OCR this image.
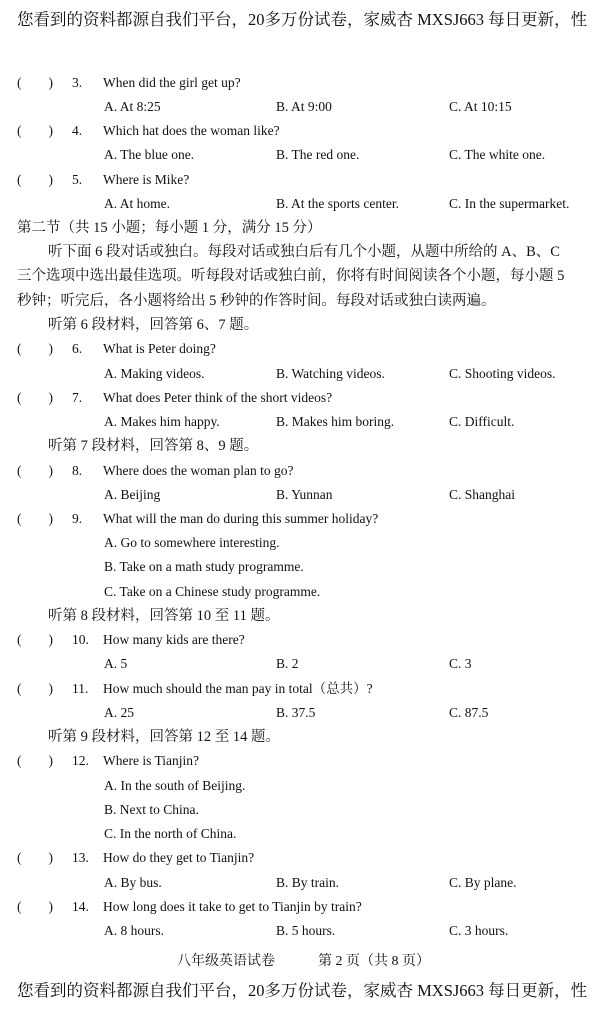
您看到的资料都源自我们平台，20多万份试卷，家威杏 MXSJ663 每日更新，性
(　　) 3. When did the girl get up?
A. At 8:25	B. At 9:00	C. At 10:15
(　　) 4. Which hat does the woman like?
A. The blue one.	B. The red one.	C. The white one.
(　　) 5. Where is Mike?
A. At home.	B. At the sports center.	C. In the supermarket.
第二节（共 15 小题；每小题 1 分，满分 15 分）
听下面 6 段对话或独白。每段对话或独白后有几个小题，从题中所给的 A、B、C
三个选项中选出最佳选项。听每段对话或独白前，你将有时间阅读各个小题，每小题 5
秒钟；听完后，各小题将给出 5 秒钟的作答时间。每段对话或独白读两遍。
听第 6 段材料，回答第 6、7 题。
(　　) 6. What is Peter doing?
A. Making videos.	B. Watching videos.	C. Shooting videos.
(　　) 7. What does Peter think of the short videos?
A. Makes him happy.	B. Makes him boring.	C. Difficult.
听第 7 段材料，回答第 8、9 题。
(　　) 8. Where does the woman plan to go?
A. Beijing	B. Yunnan	C. Shanghai
(　　) 9. What will the man do during this summer holiday?
A. Go to somewhere interesting.
B. Take on a math study programme.
C. Take on a Chinese study programme.
听第 8 段材料，回答第 10 至 11 题。
(　　) 10. How many kids are there?
A. 5	B. 2	C. 3
(　　) 11. How much should the man pay in total（总共）?
A. 25	B. 37.5	C. 87.5
听第 9 段材料，回答第 12 至 14 题。
(　　) 12. Where is Tianjin?
A. In the south of Beijing.
B. Next to China.
C. In the north of China.
(　　) 13. How do they get to Tianjin?
A. By bus.	B. By train.	C. By plane.
(　　) 14. How long does it take to get to Tianjin by train?
A. 8 hours.	B. 5 hours.	C. 3 hours.
八年级英语试卷	第 2 页（共 8 页）
您看到的资料都源自我们平台，20多万份试卷，家威杏 MXSJ663 每日更新，性
